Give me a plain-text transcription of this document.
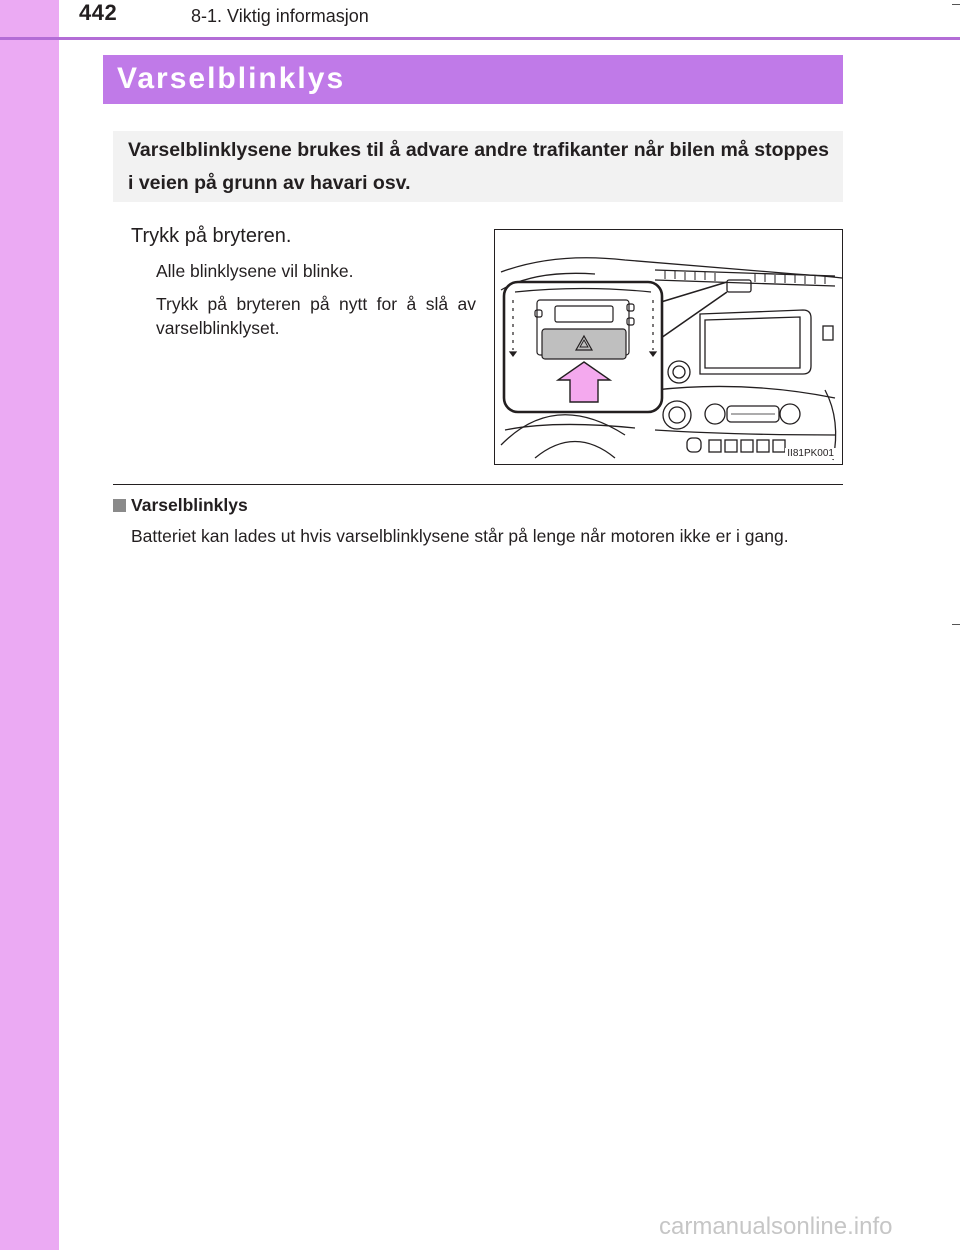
442	8-1. Viktig informasjon
Varselblinklys

Varselblinklysene brukes til å advare andre trafikanter når bilen må stoppes i veien på grunn av havari osv.

Trykk på bryteren.
Alle blinklysene vil blinke.

Trykk på bryteren på nytt for å slå av varselblinklyset.

II81PK001
Varselblinklys

Batteriet kan lades ut hvis varselblinklysene står på lenge når motoren ikke er i gang.

carmanualsonline.info
